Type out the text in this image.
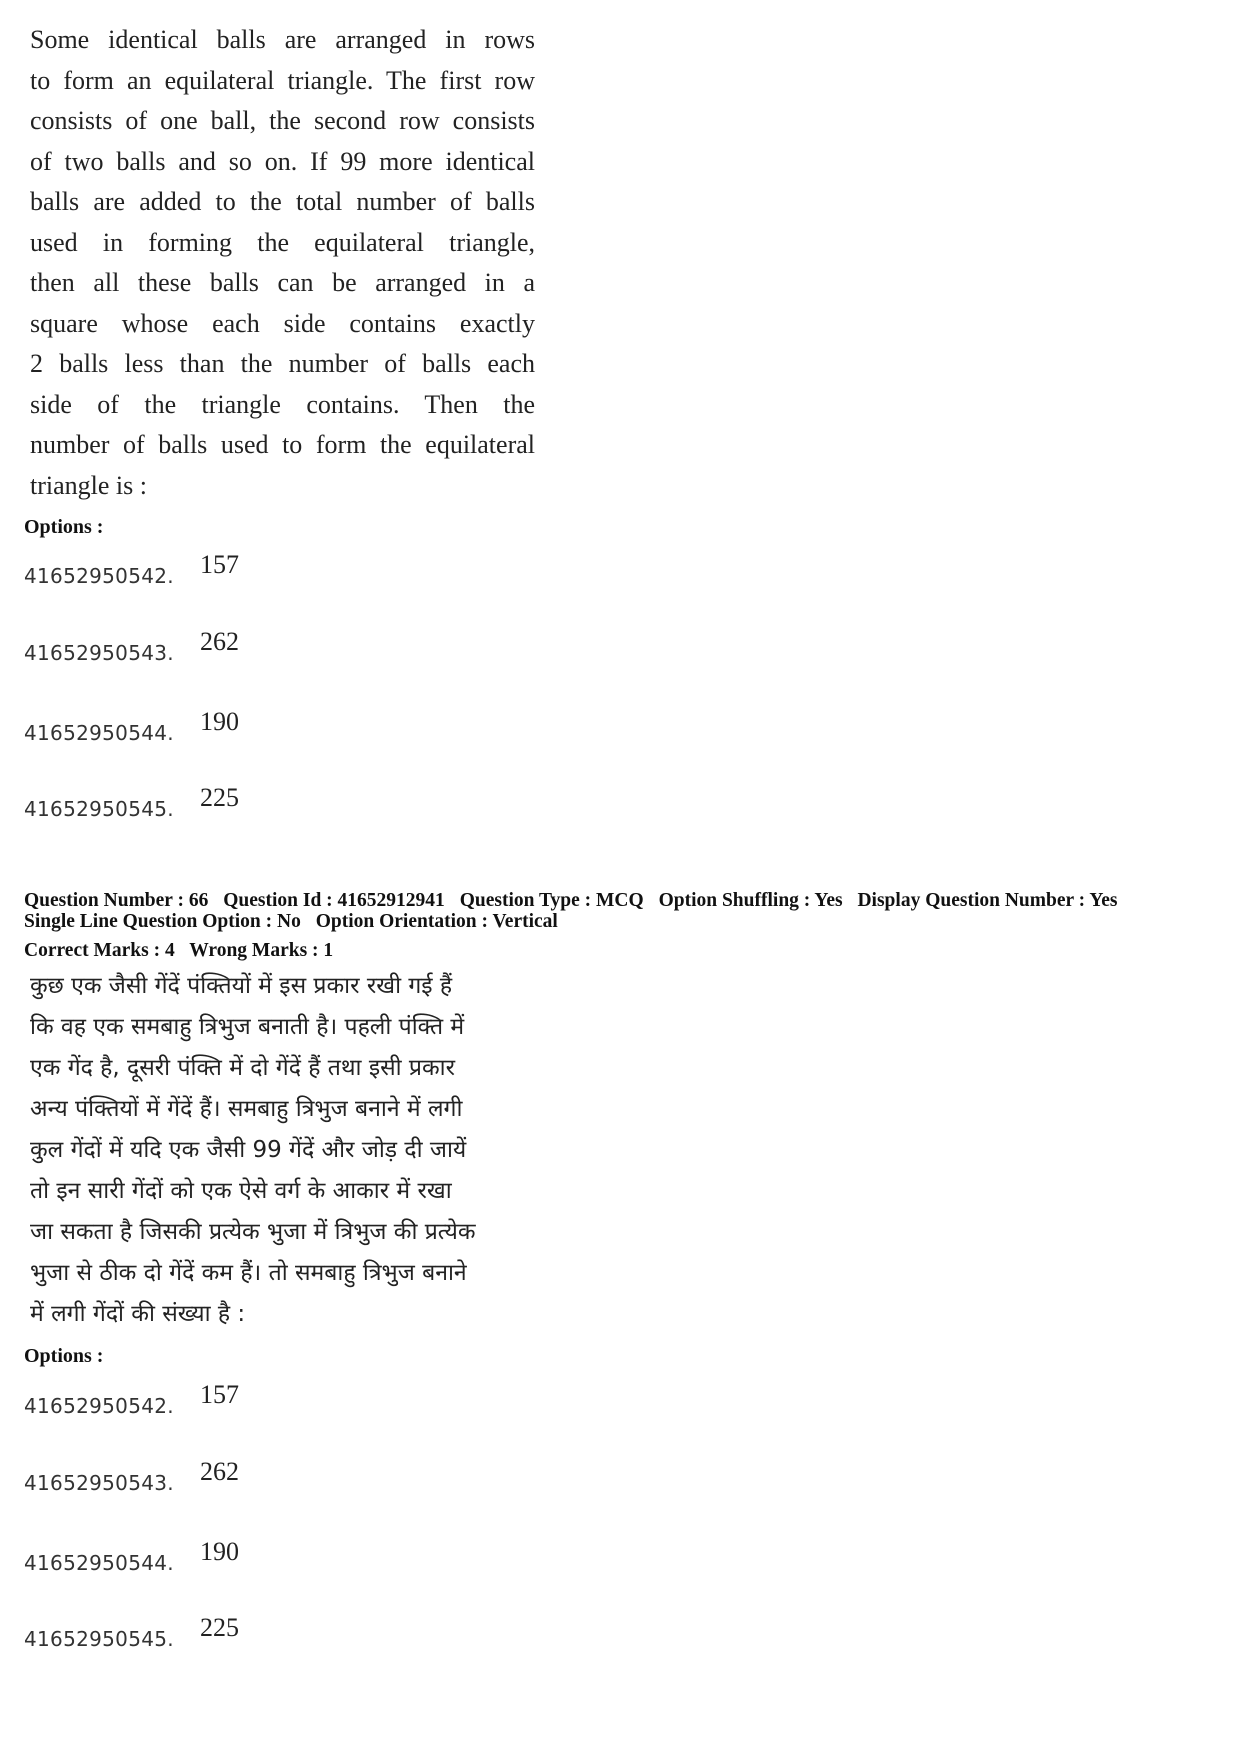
Some identical balls are arranged in rows
to form an equilateral triangle. The first row
consists of one ball, the second row consists
of two balls and so on. If 99 more identical
balls are added to the total number of balls
used in forming the equilateral triangle,
then all these balls can be arranged in a
square whose each side contains exactly
2 balls less than the number of balls each
side of the triangle contains. Then the
number of balls used to form the equilateral
triangle is :
Options :
41652950542. 157
41652950543. 262
41652950544. 190
41652950545. 225
Question Number : 66 Question Id : 41652912941 Question Type : MCQ Option Shuffling : Yes Display Question Number : Yes
Single Line Question Option : No Option Orientation : Vertical
Correct Marks : 4 Wrong Marks : 1
कुछ एक जैसी गेंदें पंक्तियों में इस प्रकार रखी गई हैं
कि वह एक समबाहु त्रिभुज बनाती है। पहली पंक्ति में
एक गेंद है, दूसरी पंक्ति में दो गेंदें हैं तथा इसी प्रकार
अन्य पंक्तियों में गेंदें हैं। समबाहु त्रिभुज बनाने में लगी
कुल गेंदों में यदि एक जैसी 99 गेंदें और जोड़ दी जायें
तो इन सारी गेंदों को एक ऐसे वर्ग के आकार में रखा
जा सकता है जिसकी प्रत्येक भुजा में त्रिभुज की प्रत्येक
भुजा से ठीक दो गेंदें कम हैं। तो समबाहु त्रिभुज बनाने
में लगी गेंदों की संख्या है :
Options :
41652950542. 157
41652950543. 262
41652950544. 190
41652950545. 225
